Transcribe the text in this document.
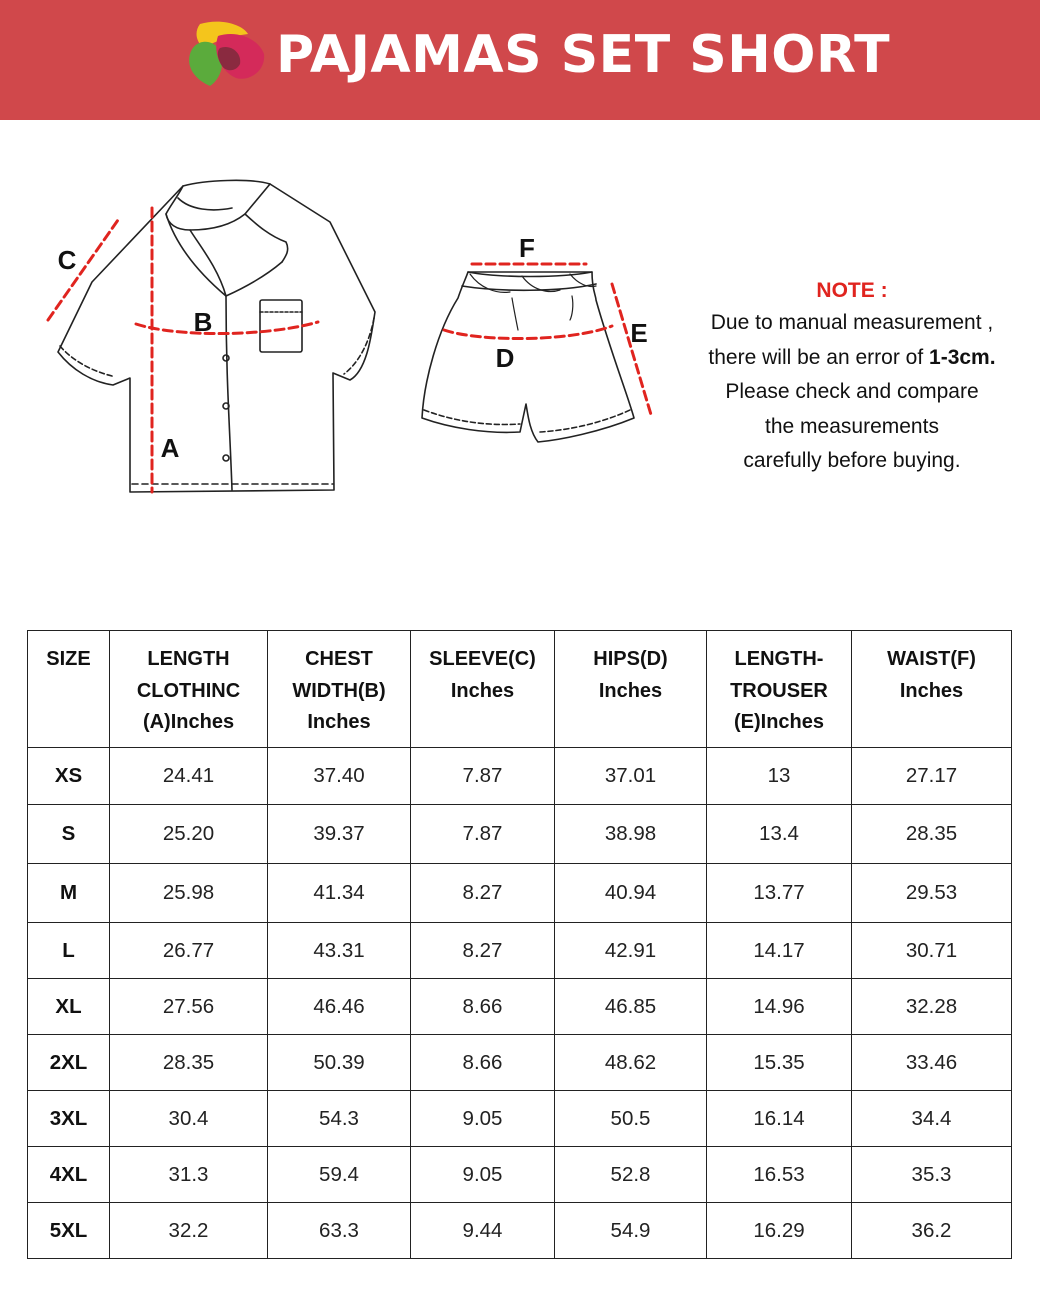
PAJAMAS SET SHORT
A
B
C
D
E
F
NOTE :
Due to manual measurement ,
there will be an error of 1-3cm.
Please check and compare
the measurements
carefully before buying.
SIZE	LENGTH
CLOTHINC
(A)Inches	CHEST
WIDTH(B)
Inches	SLEEVE(C)
Inches	HIPS(D)
Inches	LENGTH-
TROUSER
(E)Inches	WAIST(F)
Inches

XS	24.41	37.40	7.87	37.01	13	27.17
S	25.20	39.37	7.87	38.98	13.4	28.35
M	25.98	41.34	8.27	40.94	13.77	29.53
L	26.77	43.31	8.27	42.91	14.17	30.71
XL	27.56	46.46	8.66	46.85	14.96	32.28
2XL	28.35	50.39	8.66	48.62	15.35	33.46
3XL	30.4	54.3	9.05	50.5	16.14	34.4
4XL	31.3	59.4	9.05	52.8	16.53	35.3
5XL	32.2	63.3	9.44	54.9	16.29	36.2
